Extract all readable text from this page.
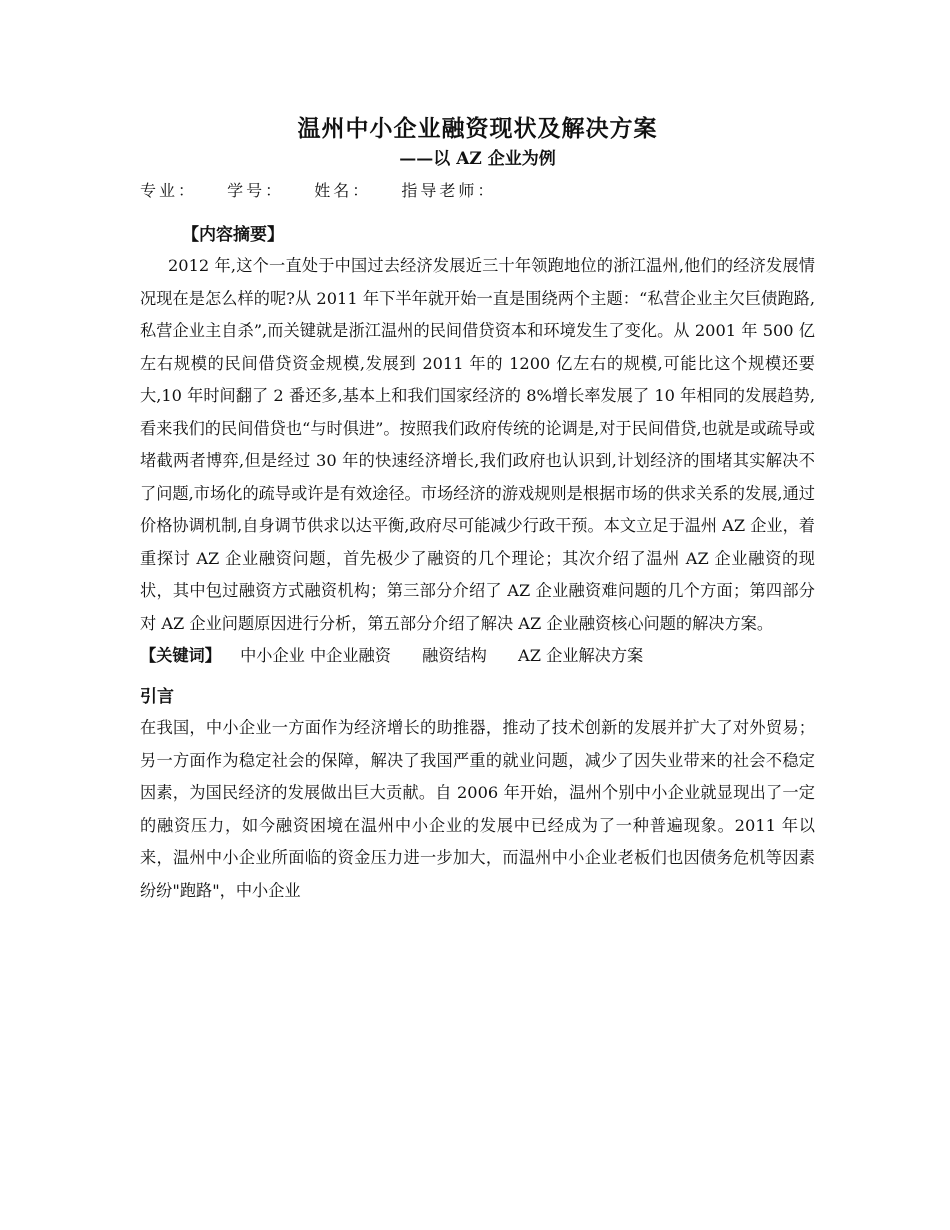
温州中小企业融资现状及解决方案
——以 AZ 企业为例
专业： 学号： 姓名： 指导老师：
【内容摘要】

2012 年,这个一直处于中国过去经济发展近三十年领跑地位的浙江温州,他们的经济发展情况现在是怎么样的呢?从 2011 年下半年就开始一直是围绕两个主题：“私营企业主欠巨债跑路,私营企业主自杀”,而关键就是浙江温州的民间借贷资本和环境发生了变化。从 2001 年 500 亿左右规模的民间借贷资金规模,发展到 2011 年的 1200 亿左右的规模,可能比这个规模还要大,10 年时间翻了 2 番还多,基本上和我们国家经济的 8%增长率发展了 10 年相同的发展趋势,看来我们的民间借贷也“与时俱进”。按照我们政府传统的论调是,对于民间借贷,也就是或疏导或堵截两者博弈,但是经过 30 年的快速经济增长,我们政府也认识到,计划经济的围堵其实解决不了问题,市场化的疏导或许是有效途径。市场经济的游戏规则是根据市场的供求关系的发展,通过价格协调机制,自身调节供求以达平衡,政府尽可能减少行政干预。本文立足于温州 AZ 企业，着重探讨 AZ 企业融资问题，首先极少了融资的几个理论；其次介绍了温州 AZ 企业融资的现状，其中包过融资方式融资机构；第三部分介绍了 AZ 企业融资难问题的几个方面；第四部分对 AZ 企业问题原因进行分析，第五部分介绍了解决 AZ 企业融资核心问题的解决方案。

【关键词】 中小企业 中企业融资 融资结构 AZ 企业解决方案
引言

在我国，中小企业一方面作为经济增长的助推器，推动了技术创新的发展并扩大了对外贸易；另一方面作为稳定社会的保障，解决了我国严重的就业问题，减少了因失业带来的社会不稳定因素，为国民经济的发展做出巨大贡献。自 2006 年开始，温州个别中小企业就显现出了一定的融资压力，如今融资困境在温州中小企业的发展中已经成为了一种普遍现象。2011 年以来，温州中小企业所面临的资金压力进一步加大，而温州中小企业老板们也因债务危机等因素纷纷"跑路"，中小企业
